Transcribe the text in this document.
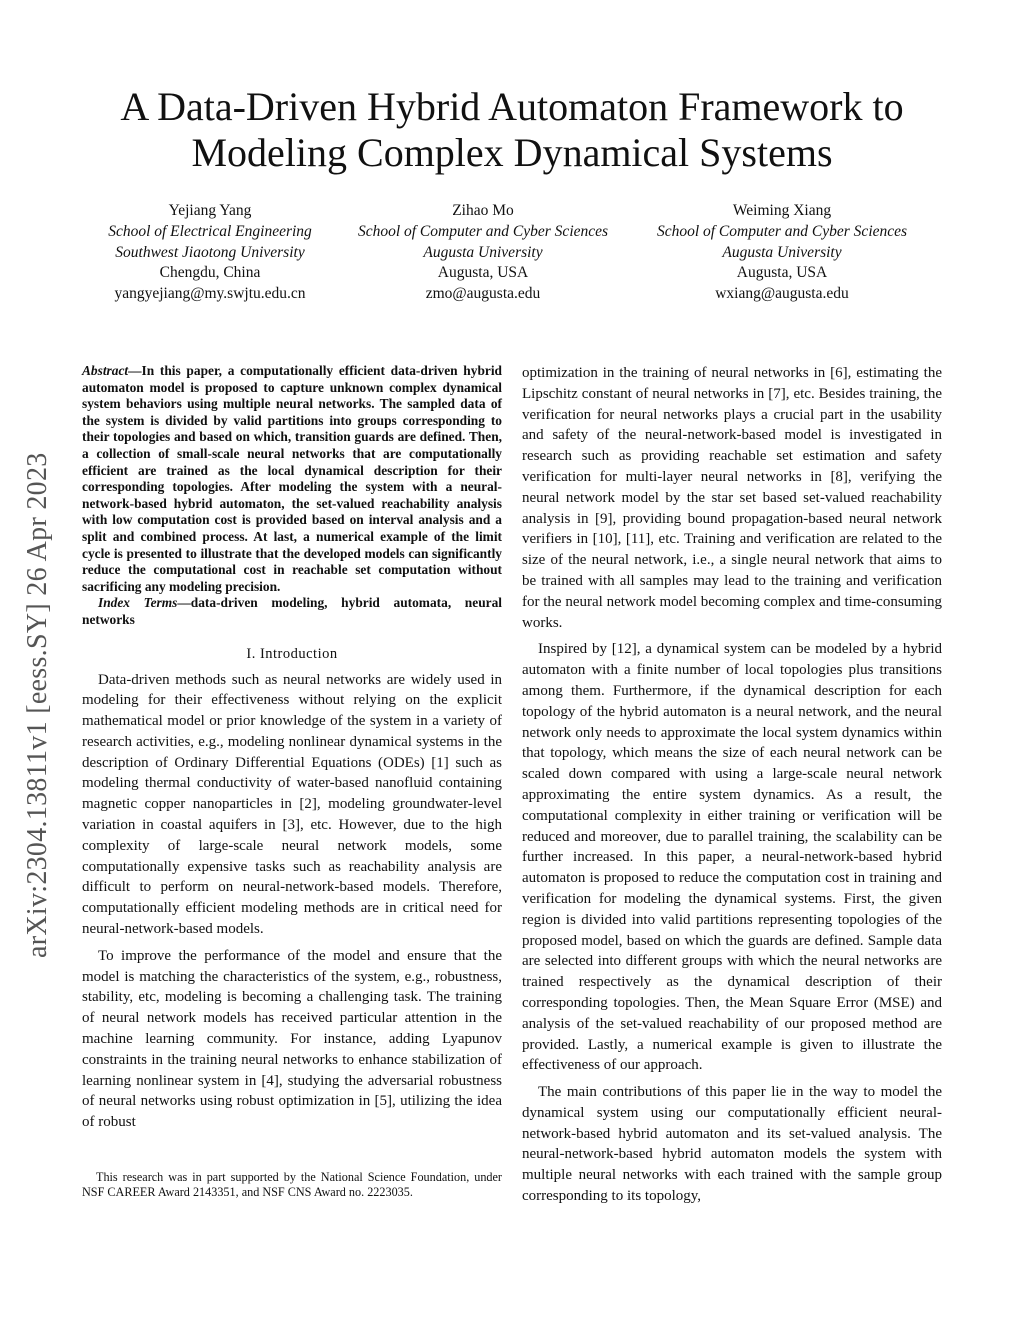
A Data-Driven Hybrid Automaton Framework to
Modeling Complex Dynamical Systems
Yejiang Yang
School of Electrical Engineering
Southwest Jiaotong University
Chengdu, China
yangyejiang@my.swjtu.edu.cn
Zihao Mo
School of Computer and Cyber Sciences
Augusta University
Augusta, USA
zmo@augusta.edu
Weiming Xiang
School of Computer and Cyber Sciences
Augusta University
Augusta, USA
wxiang@augusta.edu
arXiv:2304.13811v1 [eess.SY] 26 Apr 2023

Abstract—In this paper, a computationally efficient data-driven hybrid automaton model is proposed to capture unknown complex dynamical system behaviors using multiple neural networks. The sampled data of the system is divided by valid partitions into groups corresponding to their topologies and based on which, transition guards are defined. Then, a collection of small-scale neural networks that are computationally efficient are trained as the local dynamical description for their corresponding topologies. After modeling the system with a neural-network-based hybrid automaton, the set-valued reachability analysis with low computation cost is provided based on interval analysis and a split and combined process. At last, a numerical example of the limit cycle is presented to illustrate that the developed models can significantly reduce the computational cost in reachable set computation without sacrificing any modeling precision.

Index Terms—data-driven modeling, hybrid automata, neural networks

I. Introduction

Data-driven methods such as neural networks are widely used in modeling for their effectiveness without relying on the explicit mathematical model or prior knowledge of the system in a variety of research activities, e.g., modeling nonlinear dynamical systems in the description of Ordinary Differential Equations (ODEs) [1] such as modeling thermal conductivity of water-based nanofluid containing magnetic copper nanoparticles in [2], modeling groundwater-level variation in coastal aquifers in [3], etc. However, due to the high complexity of large-scale neural network models, some computationally expensive tasks such as reachability analysis are difficult to perform on neural-network-based models. Therefore, computationally efficient modeling methods are in critical need for neural-network-based models.

To improve the performance of the model and ensure that the model is matching the characteristics of the system, e.g., robustness, stability, etc, modeling is becoming a challenging task. The training of neural network models has received particular attention in the machine learning community. For instance, adding Lyapunov constraints in the training neural networks to enhance stabilization of learning nonlinear system in [4], studying the adversarial robustness of neural networks using robust optimization in [5], utilizing the idea of robust

This research was in part supported by the National Science Foundation, under NSF CAREER Award 2143351, and NSF CNS Award no. 2223035.

optimization in the training of neural networks in [6], estimating the Lipschitz constant of neural networks in [7], etc. Besides training, the verification for neural networks plays a crucial part in the usability and safety of the neural-network-based model is investigated in research such as providing reachable set estimation and safety verification for multi-layer neural networks in [8], verifying the neural network model by the star set based set-valued reachability analysis in [9], providing bound propagation-based neural network verifiers in [10], [11], etc. Training and verification are related to the size of the neural network, i.e., a single neural network that aims to be trained with all samples may lead to the training and verification for the neural network model becoming complex and time-consuming works.

Inspired by [12], a dynamical system can be modeled by a hybrid automaton with a finite number of local topologies plus transitions among them. Furthermore, if the dynamical description for each topology of the hybrid automaton is a neural network, and the neural network only needs to approximate the local system dynamics within that topology, which means the size of each neural network can be scaled down compared with using a large-scale neural network approximating the entire system dynamics. As a result, the computational complexity in either training or verification will be reduced and moreover, due to parallel training, the scalability can be further increased. In this paper, a neural-network-based hybrid automaton is proposed to reduce the computation cost in training and verification for modeling the dynamical systems. First, the given region is divided into valid partitions representing topologies of the proposed model, based on which the guards are defined. Sample data are selected into different groups with which the neural networks are trained respectively as the dynamical description of their corresponding topologies. Then, the Mean Square Error (MSE) and analysis of the set-valued reachability of our proposed method are provided. Lastly, a numerical example is given to illustrate the effectiveness of our approach.

The main contributions of this paper lie in the way to model the dynamical system using our computationally efficient neural-network-based hybrid automaton and its set-valued analysis. The neural-network-based hybrid automaton models the system with multiple neural networks with each trained with the sample group corresponding to its topology,
